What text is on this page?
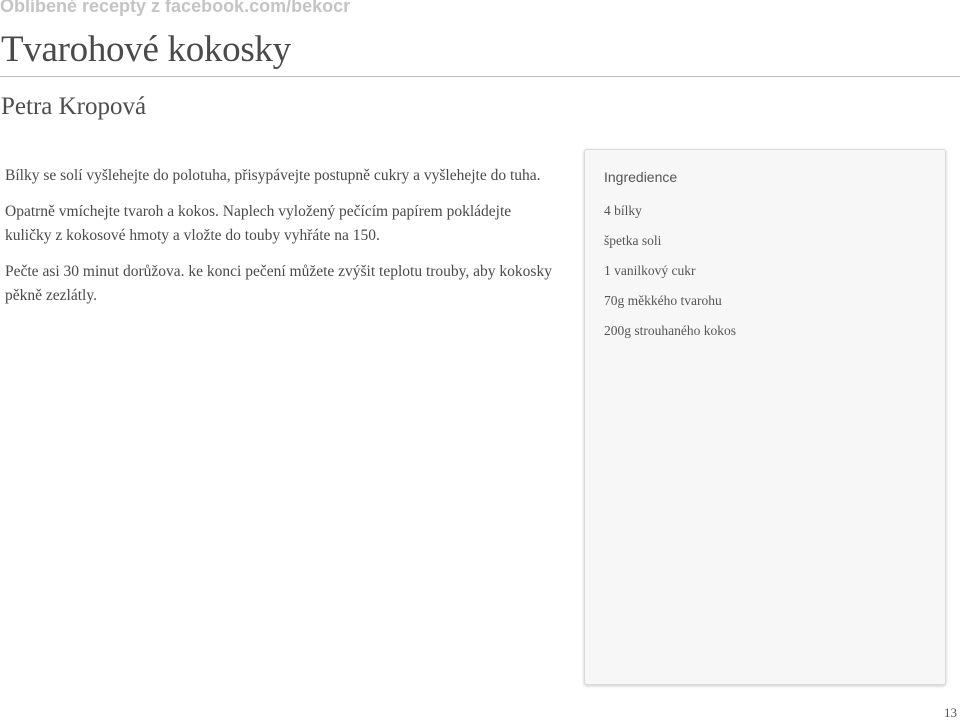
Oblíbené recepty z facebook.com/bekocr
Tvarohové kokosky
Petra Kropová

Bílky se solí vyšlehejte do polotuha, přisypávejte postupně cukry a vyšlehejte do tuha.

Opatrně vmíchejte tvaroh a kokos. Naplech vyložený pečícím papírem pokládejte kuličky z kokosové hmoty a vložte do touby vyhřáte na 150.

Pečte asi 30 minut dorůžova. ke konci pečení můžete zvýšit teplotu trouby, aby kokosky pěkně zezlátly.

Ingredience
4 bílky
špetka soli
1 vanilkový cukr
70g měkkého tvarohu
200g strouhaného kokos
13
